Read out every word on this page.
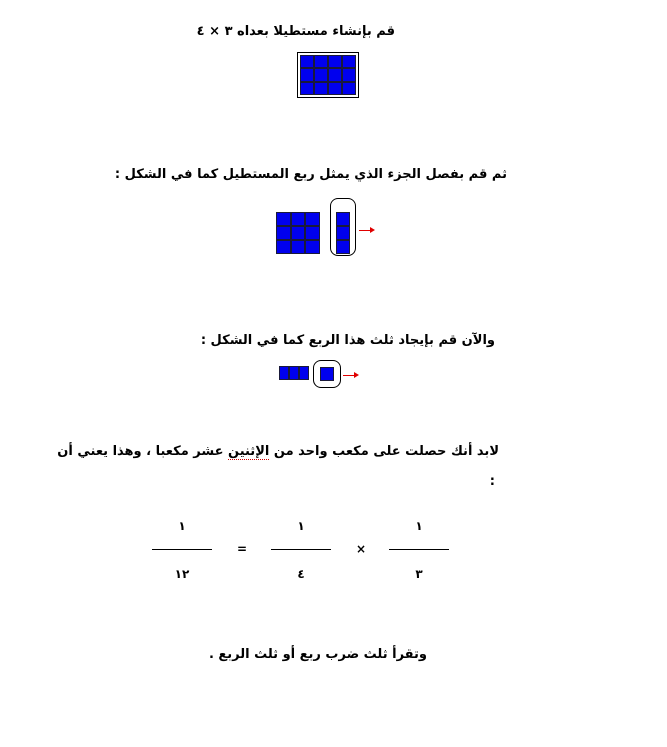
قم بإنشاء مستطيلا بعداه ٣ × ٤
ثم قم بفصل الجزء الذي يمثل ربع المستطيل كما في الشكل :
والآن قم بإيجاد ثلث هذا الربع كما في الشكل :
لابد أنك حصلت على مكعب واحد من الإثنين عشر مكعبا ، وهذا يعني أن
:
١
١٢
=
١
٤
×
١
٣
وتقرأ ثلث ضرب ربع أو ثلث الربع .
